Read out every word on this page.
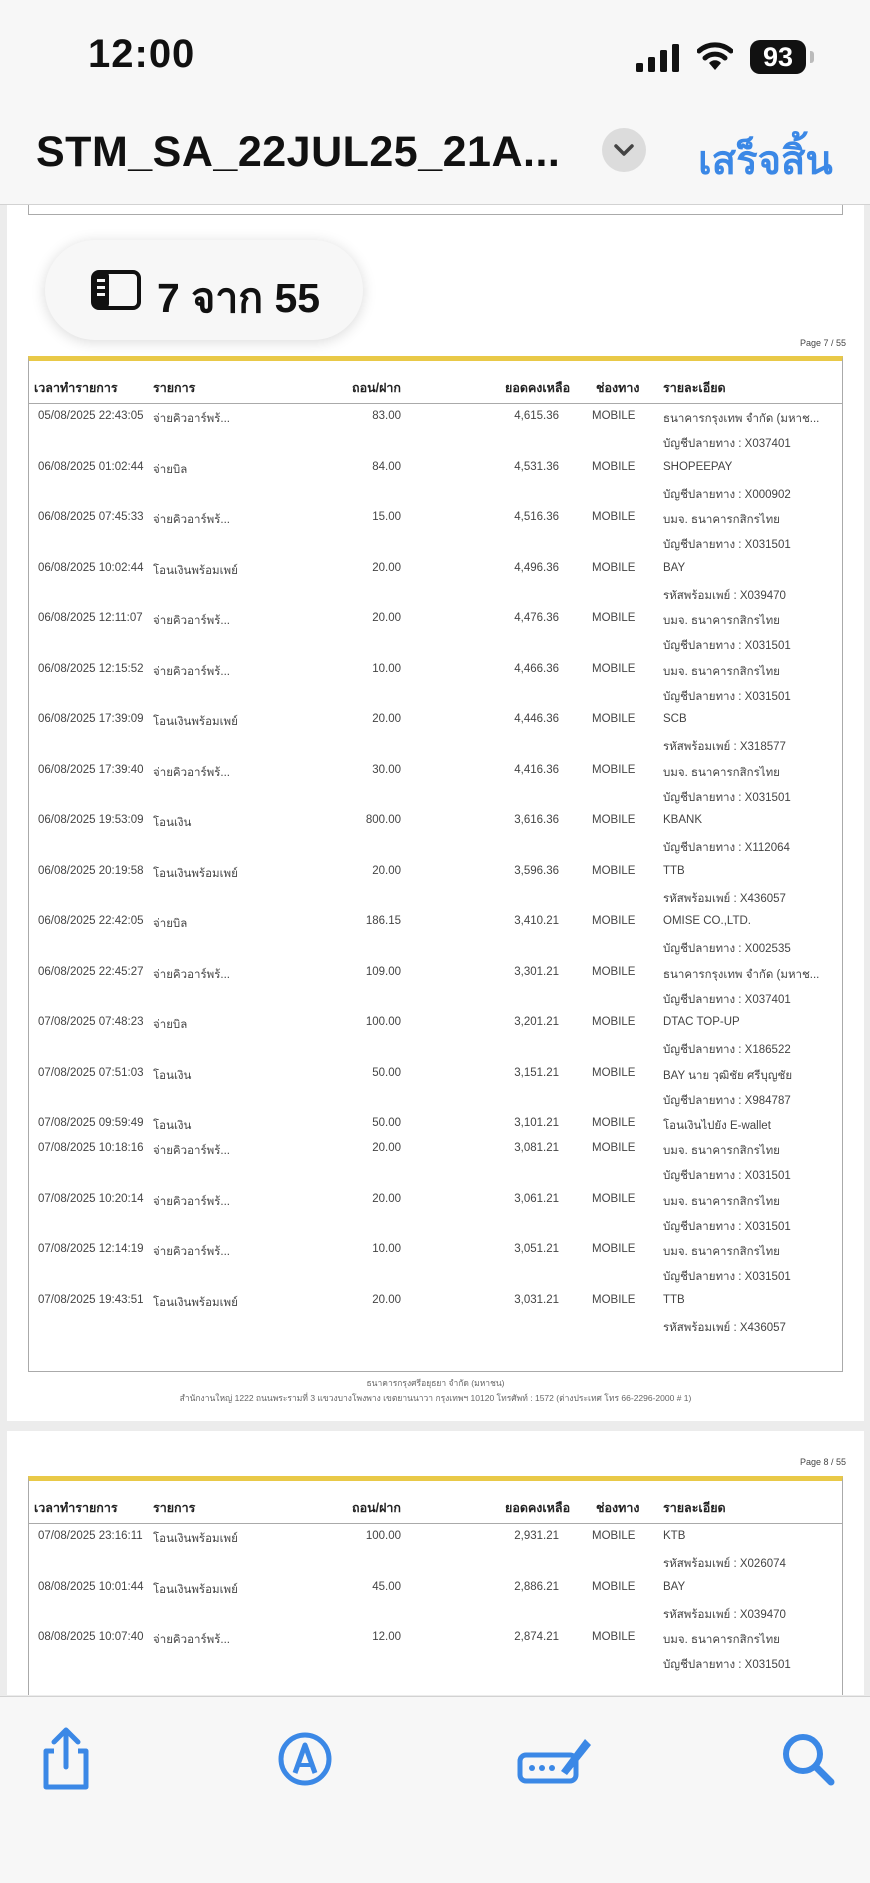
12:00	93
STM_SA_22JUL25_21A...	เสร็จสิ้น
Page 7 / 55
เวลาทำรายการ	รายการ	ถอน/ฝาก	ยอดคงเหลือ ช่องทาง รายละเอียด
05/08/2025 22:43:05 จ่ายคิวอาร์พร้...	83.00	4,615.36	MOBILE ธนาคารกรุงเทพ จำกัด (มหาช...
บัญชีปลายทาง : X037401
06/08/2025 01:02:44 จ่ายบิล	84.00	4,531.36	MOBILE SHOPEEPAY
บัญชีปลายทาง : X000902
06/08/2025 07:45:33 จ่ายคิวอาร์พร้...	15.00	4,516.36	MOBILE บมจ. ธนาคารกสิกรไทย
บัญชีปลายทาง : X031501
06/08/2025 10:02:44 โอนเงินพร้อมเพย์	20.00	4,496.36	MOBILE BAY
รหัสพร้อมเพย์ : X039470
06/08/2025 12:11:07 จ่ายคิวอาร์พร้...	20.00	4,476.36	MOBILE บมจ. ธนาคารกสิกรไทย
บัญชีปลายทาง : X031501
06/08/2025 12:15:52 จ่ายคิวอาร์พร้...	10.00	4,466.36	MOBILE บมจ. ธนาคารกสิกรไทย
บัญชีปลายทาง : X031501
06/08/2025 17:39:09 โอนเงินพร้อมเพย์	20.00	4,446.36	MOBILE SCB
รหัสพร้อมเพย์ : X318577
06/08/2025 17:39:40 จ่ายคิวอาร์พร้...	30.00	4,416.36	MOBILE บมจ. ธนาคารกสิกรไทย
บัญชีปลายทาง : X031501
06/08/2025 19:53:09 โอนเงิน	800.00	3,616.36	MOBILE KBANK
บัญชีปลายทาง : X112064
06/08/2025 20:19:58 โอนเงินพร้อมเพย์	20.00	3,596.36	MOBILE TTB
รหัสพร้อมเพย์ : X436057
06/08/2025 22:42:05 จ่ายบิล	186.15	3,410.21	MOBILE OMISE CO.,LTD.
บัญชีปลายทาง : X002535
06/08/2025 22:45:27 จ่ายคิวอาร์พร้...	109.00	3,301.21	MOBILE ธนาคารกรุงเทพ จำกัด (มหาช...
บัญชีปลายทาง : X037401
07/08/2025 07:48:23 จ่ายบิล	100.00	3,201.21	MOBILE DTAC TOP-UP
บัญชีปลายทาง : X186522
07/08/2025 07:51:03 โอนเงิน	50.00	3,151.21	MOBILE BAY นาย วุฒิชัย ศรีบุญชัย
บัญชีปลายทาง : X984787
07/08/2025 09:59:49 โอนเงิน	50.00	3,101.21	MOBILE โอนเงินไปยัง E-wallet
07/08/2025 10:18:16 จ่ายคิวอาร์พร้...	20.00	3,081.21	MOBILE บมจ. ธนาคารกสิกรไทย
บัญชีปลายทาง : X031501
07/08/2025 10:20:14 จ่ายคิวอาร์พร้...	20.00	3,061.21	MOBILE บมจ. ธนาคารกสิกรไทย
บัญชีปลายทาง : X031501
07/08/2025 12:14:19 จ่ายคิวอาร์พร้...	10.00	3,051.21	MOBILE บมจ. ธนาคารกสิกรไทย
บัญชีปลายทาง : X031501
07/08/2025 19:43:51 โอนเงินพร้อมเพย์	20.00	3,031.21	MOBILE TTB
รหัสพร้อมเพย์ : X436057
ธนาคารกรุงศรีอยุธยา จำกัด (มหาชน)
สำนักงานใหญ่ 1222 ถนนพระรามที่ 3 แขวงบางโพงพาง เขตยานนาวา กรุงเทพฯ 10120 โทรศัพท์ : 1572 (ต่างประเทศ โทร 66-2296-2000 # 1)
Page 8 / 55
เวลาทำรายการ	รายการ	ถอน/ฝาก	ยอดคงเหลือ ช่องทาง รายละเอียด
07/08/2025 23:16:11 โอนเงินพร้อมเพย์	100.00	2,931.21	MOBILE KTB
รหัสพร้อมเพย์ : X026074
08/08/2025 10:01:44 โอนเงินพร้อมเพย์	45.00	2,886.21	MOBILE BAY
รหัสพร้อมเพย์ : X039470
08/08/2025 10:07:40 จ่ายคิวอาร์พร้...	12.00	2,874.21	MOBILE บมจ. ธนาคารกสิกรไทย
บัญชีปลายทาง : X031501
7 จาก 55
